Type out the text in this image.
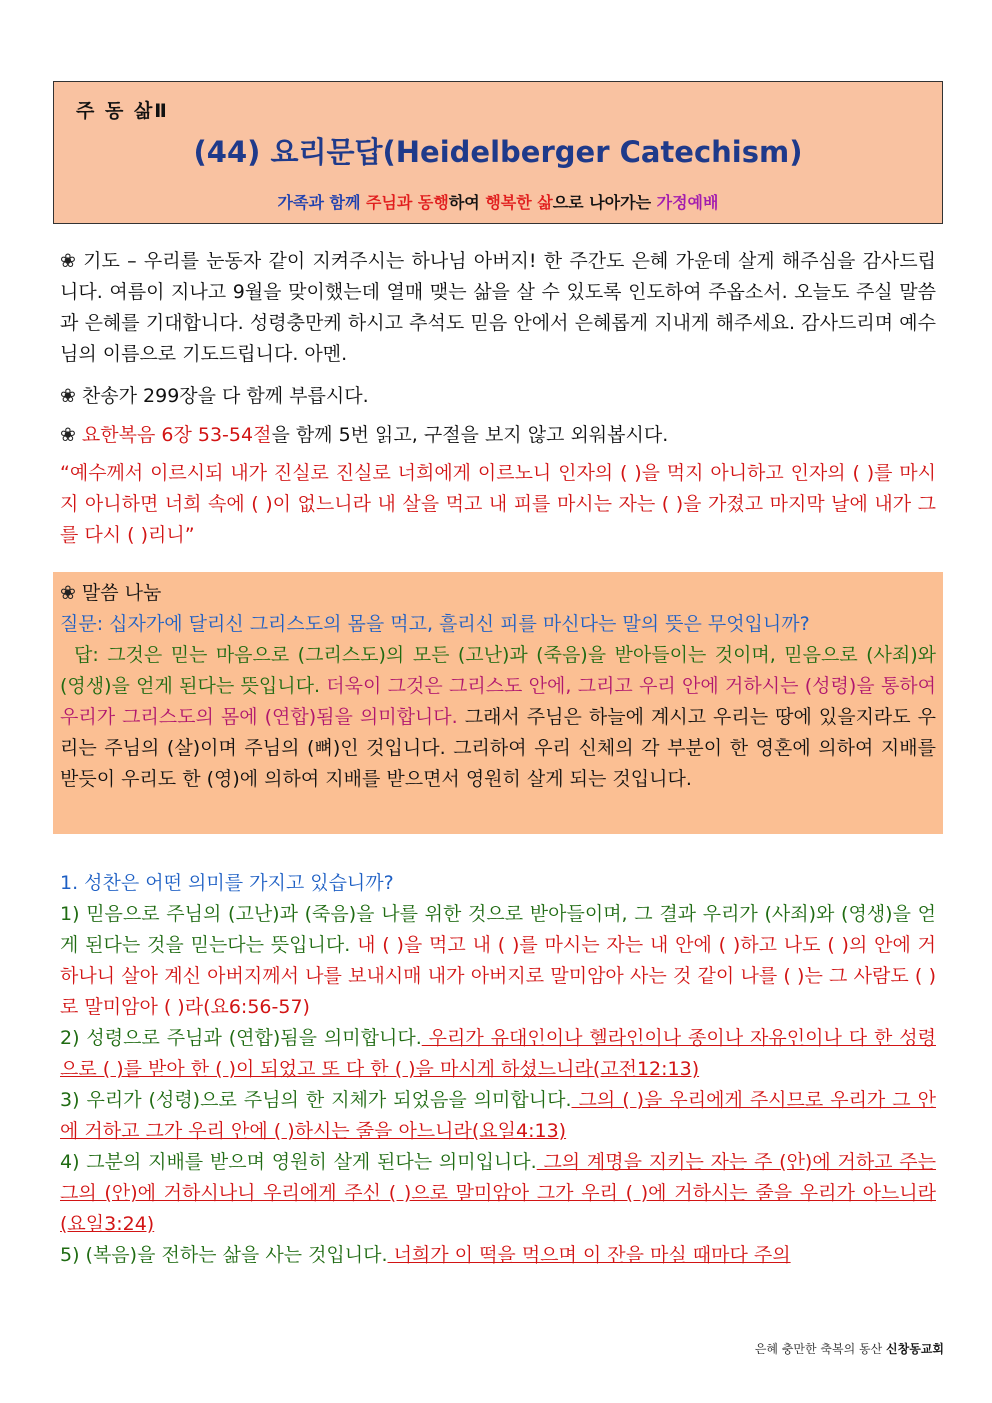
주 동 삶Ⅱ
(44) 요리문답(Heidelberger Catechism)
가족과 함께 주님과 동행하여 행복한 삶으로 나아가는 가정예배
❀ 기도 – 우리를 눈동자 같이 지켜주시는 하나님 아버지! 한 주간도 은혜 가운데 살게 해주심을 감사드립니다. 여름이 지나고 9월을 맞이했는데 열매 맺는 삶을 살 수 있도록 인도하여 주옵소서. 오늘도 주실 말씀과 은혜를 기대합니다. 성령충만케 하시고 추석도 믿음 안에서 은혜롭게 지내게 해주세요. 감사드리며 예수님의 이름으로 기도드립니다. 아멘.
❀ 찬송가 299장을 다 함께 부릅시다.
❀ 요한복음 6장 53-54절을 함께 5번 읽고, 구절을 보지 않고 외워봅시다.
“예수께서 이르시되 내가 진실로 진실로 너희에게 이르노니 인자의 ( )을 먹지 아니하고 인자의 ( )를 마시지 아니하면 너희 속에 ( )이 없느니라 내 살을 먹고 내 피를 마시는 자는 ( )을 가졌고 마지막 날에 내가 그를 다시 ( )리니”
❀ 말씀 나눔
질문: 십자가에 달리신 그리스도의 몸을 먹고, 흘리신 피를 마신다는 말의 뜻은 무엇입니까?
답: 그것은 믿는 마음으로 (그리스도)의 모든 (고난)과 (죽음)을 받아들이는 것이며, 믿음으로 (사죄)와 (영생)을 얻게 된다는 뜻입니다. 더욱이 그것은 그리스도 안에, 그리고 우리 안에 거하시는 (성령)을 통하여 우리가 그리스도의 몸에 (연합)됨을 의미합니다. 그래서 주님은 하늘에 계시고 우리는 땅에 있을지라도 우리는 주님의 (살)이며 주님의 (뼈)인 것입니다. 그리하여 우리 신체의 각 부분이 한 영혼에 의하여 지배를 받듯이 우리도 한 (영)에 의하여 지배를 받으면서 영원히 살게 되는 것입니다.
1. 성찬은 어떤 의미를 가지고 있습니까?
1) 믿음으로 주님의 (고난)과 (죽음)을 나를 위한 것으로 받아들이며, 그 결과 우리가 (사죄)와 (영생)을 얻게 된다는 것을 믿는다는 뜻입니다. 내 ( )을 먹고 내 ( )를 마시는 자는 내 안에 ( )하고 나도 ( )의 안에 거하나니 살아 계신 아버지께서 나를 보내시매 내가 아버지로 말미암아 사는 것 같이 나를 ( )는 그 사람도 ( )로 말미암아 ( )라(요6:56-57)
2) 성령으로 주님과 (연합)됨을 의미합니다. 우리가 유대인이나 헬라인이나 종이나 자유인이나 다 한 성령으로 ( )를 받아 한 ( )이 되었고 또 다 한 ( )을 마시게 하셨느니라(고전12:13)
3) 우리가 (성령)으로 주님의 한 지체가 되었음을 의미합니다. 그의 ( )을 우리에게 주시므로 우리가 그 안에 거하고 그가 우리 안에 ( )하시는 줄을 아느니라(요일4:13)
4) 그분의 지배를 받으며 영원히 살게 된다는 의미입니다. 그의 계명을 지키는 자는 주 (안)에 거하고 주는 그의 (안)에 거하시나니 우리에게 주신 ( )으로 말미암아 그가 우리 ( )에 거하시는 줄을 우리가 아느니라(요일3:24)
5) (복음)을 전하는 삶을 사는 것입니다. 너희가 이 떡을 먹으며 이 잔을 마실 때마다 주의
은혜 충만한 축복의 동산 신창동교회
